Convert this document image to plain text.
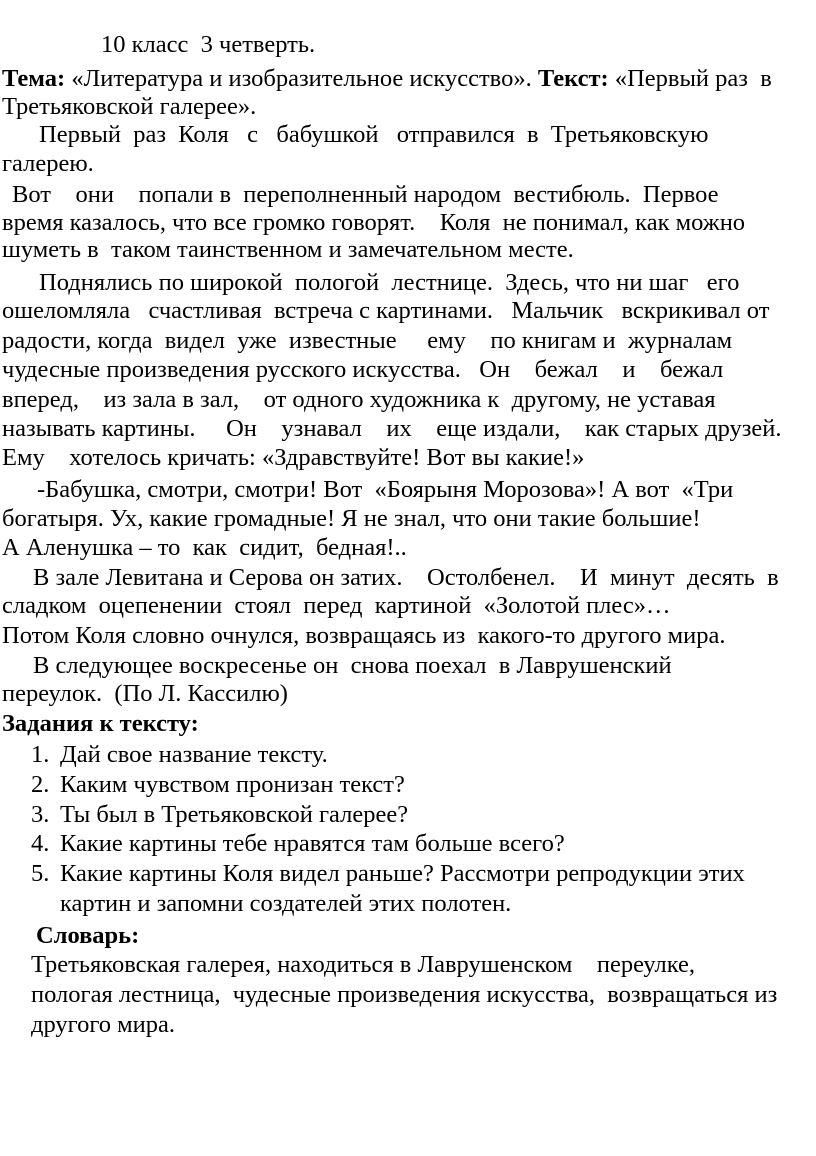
10 класс  3 четверть.
Тема: «Литература и изобразительное искусство». Текст: «Первый раз  в
Третьяковской галерее».
Первый  раз  Коля   с   бабушкой   отправился  в  Третьяковскую
галерею.
Вот    они    попали в  переполненный народом  вестибюль.  Первое
время казалось, что все громко говорят.    Коля  не понимал, как можно
шуметь в  таком таинственном и замечательном месте.
Поднялись по широкой  пологой  лестнице.  Здесь, что ни шаг   его
ошеломляла   счастливая  встреча с картинами.   Мальчик   вскрикивал от
радости, когда  видел  уже  известные     ему    по книгам и  журналам
чудесные произведения русского искусства.   Он    бежал    и    бежал
вперед,    из зала в зал,    от одного художника к  другому, не уставая
называть картины.     Он    узнавал    их    еще издали,    как старых друзей.
Ему    хотелось кричать: «Здравствуйте! Вот вы какие!»
-Бабушка, смотри, смотри! Вот  «Боярыня Морозова»! А вот  «Три
богатыря. Ух, какие громадные! Я не знал, что они такие большие!
А Аленушка – то  как  сидит,  бедная!..
В зале Левитана и Серова он затих.    Остолбенел.    И  минут  десять  в
сладком  оцепенении  стоял  перед  картиной  «Золотой плес»…
Потом Коля словно очнулся, возвращаясь из  какого-то другого мира.
В следующее воскресенье он  снова поехал  в Лаврушенский
переулок.  (По Л. Кассилю)
Задания к тексту:
1. Дай свое название тексту.
2. Каким чувством пронизан текст?
3. Ты был в Третьяковской галерее?
4. Какие картины тебе нравятся там больше всего?
5. Какие картины Коля видел раньше? Рассмотри репродукции этих
картин и запомни создателей этих полотен.
Словарь:
Третьяковская галерея, находиться в Лаврушенском    переулке,
пологая лестница,  чудесные произведения искусства,  возвращаться из
другого мира.
